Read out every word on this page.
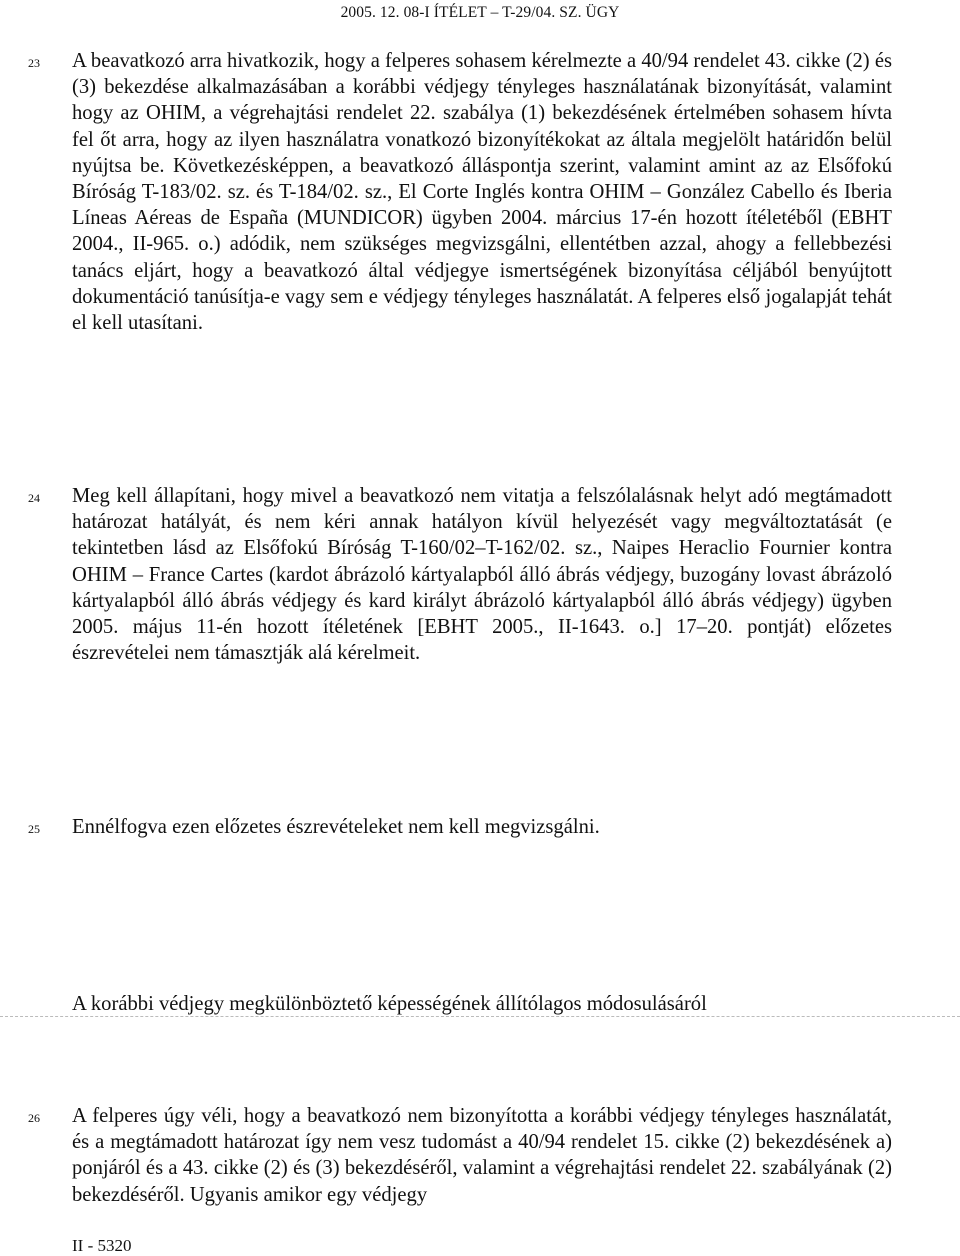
2005. 12. 08-I ÍTÉLET – T-29/04. SZ. ÜGY
23 A beavatkozó arra hivatkozik, hogy a felperes sohasem kérelmezte a 40/94 rendelet 43. cikke (2) és (3) bekezdése alkalmazásában a korábbi védjegy tényleges használatának bizonyítását, valamint hogy az OHIM, a végrehajtási rendelet 22. szabálya (1) bekezdésének értelmében sohasem hívta fel őt arra, hogy az ilyen használatra vonatkozó bizonyítékokat az általa megjelölt határidőn belül nyújtsa be. Következésképpen, a beavatkozó álláspontja szerint, valamint amint az az Elsőfokú Bíróság T-183/02. sz. és T-184/02. sz., El Corte Inglés kontra OHIM – González Cabello és Iberia Líneas Aéreas de España (MUNDICOR) ügyben 2004. március 17-én hozott ítéletéből (EBHT 2004., II-965. o.) adódik, nem szükséges megvizsgálni, ellentétben azzal, ahogy a fellebbezési tanács eljárt, hogy a beavatkozó által védjegye ismertségének bizonyítása céljából benyújtott dokumentáció tanúsítja-e vagy sem e védjegy tényleges használatát. A felperes első jogalapját tehát el kell utasítani.

24 Meg kell állapítani, hogy mivel a beavatkozó nem vitatja a felszólalásnak helyt adó megtámadott határozat hatályát, és nem kéri annak hatályon kívül helyezését vagy megváltoztatását (e tekintetben lásd az Elsőfokú Bíróság T-160/02–T-162/02. sz., Naipes Heraclio Fournier kontra OHIM – France Cartes (kardot ábrázoló kártyalapból álló ábrás védjegy, buzogány lovast ábrázoló kártyalapból álló ábrás védjegy és kard királyt ábrázoló kártyalapból álló ábrás védjegy) ügyben 2005. május 11-én hozott ítéletének [EBHT 2005., II-1643. o.] 17–20. pontját) előzetes észrevételei nem támasztják alá kérelmeit.

25 Ennélfogva ezen előzetes észrevételeket nem kell megvizsgálni.

A korábbi védjegy megkülönböztető képességének állítólagos módosulásáról
26 A felperes úgy véli, hogy a beavatkozó nem bizonyította a korábbi védjegy tényleges használatát, és a megtámadott határozat így nem vesz tudomást a 40/94 rendelet 15. cikke (2) bekezdésének a) ponjáról és a 43. cikke (2) és (3) bekezdéséről, valamint a végrehajtási rendelet 22. szabályának (2) bekezdéséről. Ugyanis amikor egy védjegy

II - 5320
